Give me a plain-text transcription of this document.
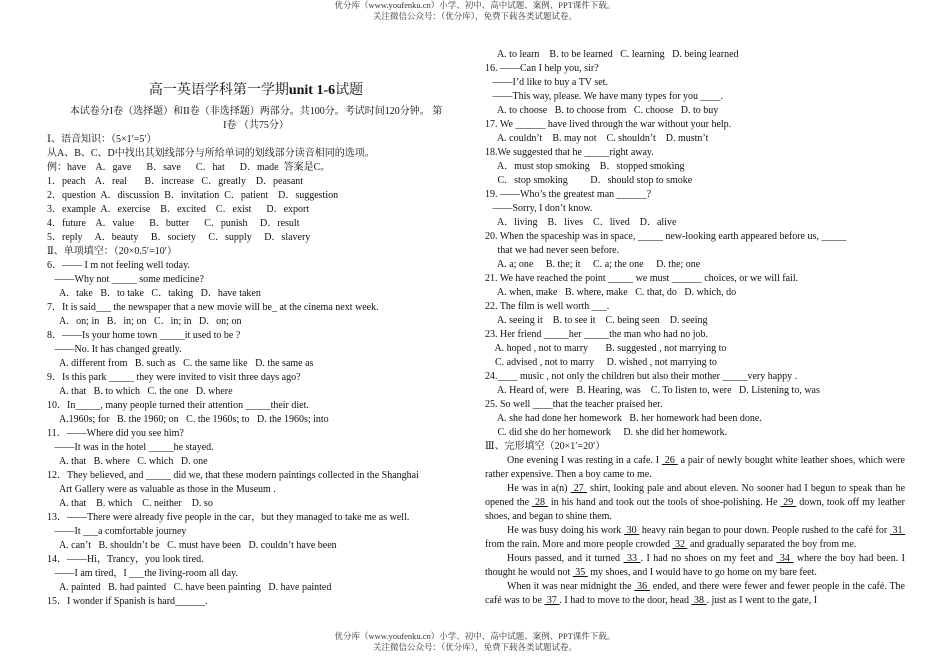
优分库（www.youfenku.cn）小学、初中、高中试题、案例、PPT课件下载。
关注微信公众号：（优分库），免费下载各类试题试卷。
高一英语学科第一学期unit 1-6试题
本试卷分I卷（选择题）和II卷（非选择题）两部分。共100分。考试时间120分钟。 第
I卷 （共75分）
Ⅰ、语音知识：（5×1′=5′）
从A、B、C、D中找出其划线部分与所给单词的划线部分读音相同的选项。
例：have    A．gave      B．save      C．hat      D．made  答案是C。
1．peach    A．real       B．increase   C．greatly    D．peasant
2．question  A．discussion  B．invitation  C．patient    D．suggestion
3．example  A．exercise    B．excited    C．exist      D．export
4．future    A．value      B．butter      C．punish     D．result
5．reply     A．beauty     B．society     C．supply     D．slavery
Ⅱ、单项填空：（20×0.5′=10′）
6．—— I m not feeling well today.
——Why not _____ some medicine?
A．take   B．to take   C．taking   D．have taken
7．It is said___ the newspaper that a new movie will be_ at the cinema next week.
A．on; in   B．in; on   C．in; in   D．on; on
8．——Is your home town _____it used to be ?
——No. It has changed greatly.
A. different from   B. such as   C. the same like   D. the same as
9．Is this park _____ they were invited to visit three days ago?
A. that   B. to which   C. the one   D. where
10．In_____, many people turned their attention _____their diet.
A.1960s; for   B. the 1960; on   C. the 1960s; to   D. the 1960s; into
11．——Where did you see him?
——It was in the hotel _____he stayed.
A. that   B. where   C. which   D. one
12．They believed, and _____ did we, that these modern paintings collected in the Shanghai
Art Gallery were as valuable as those in the Museum .
A. that    B. which    C. neither    D. so
13．——There were already five people in the car，but they managed to take me as well.
——It ___a comfortable journey
A. can’t   B. shouldn’t be   C. must have been   D. couldn’t have been
14．——Hi，Trancy，you look tired.
——I am tired，I ___the living-room all day.
A. painted   B. had painted   C. have been painting   D. have painted
15．I wonder if Spanish is hard______.
A. to learn    B. to be learned   C. learning   D. being learned
16. ——Can I help you, sir?
——I’d like to buy a TV set.
——This way, please. We have many types for you ____.
A. to choose   B. to choose from   C. choose   D. to buy
17. We ______ have lived through the war without your help.
A. couldn’t    B. may not    C. shouldn’t    D. mustn’t
18.We suggested that he _____right away.
A．must stop smoking    B．stopped smoking
C．stop smoking         D．should stop to smoke
19. ——Who’s the greatest man ______?
——Sorry, I don’t know.
A．living    B．lives    C．lived    D．alive
20. When the spaceship was in space, _____ new-looking earth appeared before us, _____
that we had never seen before.
A. a; one     B. the; it     C. a; the one     D. the; one
21. We have reached the point _____ we must ______ choices, or we will fail.
A. when, make   B. where, make   C. that, do   D. which, do
22. The film is well worth ___.
A. seeing it    B. to see it    C. being seen    D. seeing
23. Her friend _____her _____the man who had no job.
A. hoped , not to marry       B. suggested , not marrying to
C. advised , not to marry     D. wished , not marrying to
24.____ music , not only the children but also their mother _____very happy .
A. Heard of, were   B. Hearing, was    C. To listen to, were   D. Listening to, was
25. So well ____that the teacher praised her.
A. she had done her homework   B. her homework had been done.
C. did she do her homework     D. she did her homework.
Ⅲ、完形填空（20×1′=20′）
One evening I was resting in a cafe. I  26  a pair of newly bought white leather shoes, which were rather expensive. Then a boy came to me.
He was in a(n)  27  shirt, looking pale and about eleven. No sooner had I begun to speak than he opened the  28  in his hand and took out the tools of shoe-polishing. He  29  down, took off my leather shoes, and began to shine them.
He was busy doing his work  30  heavy rain began to pour down. People rushed to the café for  31  from the rain. More and more people crowded  32  and gradually separated the boy from me.
Hours passed, and it turned  33 . I had no shoes on my feet and  34  where the boy had been. I thought he would not  35  my shoes, and I would have to go home on my bare feet.
When it was near midnight the  36  ended, and there were fewer and fewer people in the café. The café was to be  37 . I had to move to the door, head  38 . just as I went to the gate, I
优分库（www.youfenku.cn）小学、初中、高中试题、案例、PPT课件下载。
关注微信公众号：（优分库），免费下载各类试题试卷。
